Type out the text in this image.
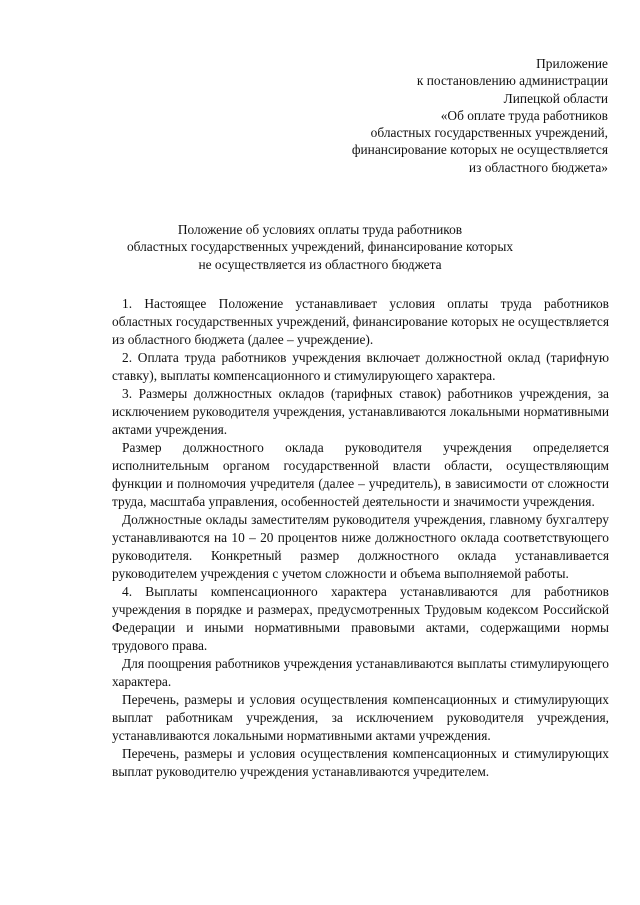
Приложение
к постановлению администрации
Липецкой области
«Об оплате труда работников
областных государственных учреждений,
финансирование которых не осуществляется
из областного бюджета»
Положение об условиях оплаты труда работников
областных государственных учреждений, финансирование которых
не осуществляется из областного бюджета

1. Настоящее Положение устанавливает условия оплаты труда работников областных государственных учреждений, финансирование которых не осуществляется из областного бюджета (далее – учреждение).

2. Оплата труда работников учреждения включает должностной оклад (тарифную ставку), выплаты компенсационного и стимулирующего характера.

3. Размеры должностных окладов (тарифных ставок) работников учреждения, за исключением руководителя учреждения, устанавливаются локальными нормативными актами учреждения.

Размер должностного оклада руководителя учреждения определяется исполнительным органом государственной власти области, осуществляющим функции и полномочия учредителя (далее – учредитель), в зависимости от сложности труда, масштаба управления, особенностей деятельности и значимости учреждения.

Должностные оклады заместителям руководителя учреждения, главному бухгалтеру устанавливаются на 10 – 20 процентов ниже должностного оклада соответствующего руководителя. Конкретный размер должностного оклада устанавливается руководителем учреждения с учетом сложности и объема выполняемой работы.

4. Выплаты компенсационного характера устанавливаются для работников учреждения в порядке и размерах, предусмотренных Трудовым кодексом Российской Федерации и иными нормативными правовыми актами, содержащими нормы трудового права.

Для поощрения работников учреждения устанавливаются выплаты стимулирующего характера.

Перечень, размеры и условия осуществления компенсационных и стимулирующих выплат работникам учреждения, за исключением руководителя учреждения, устанавливаются локальными нормативными актами учреждения.

Перечень, размеры и условия осуществления компенсационных и стимулирующих выплат руководителю учреждения устанавливаются учредителем.
